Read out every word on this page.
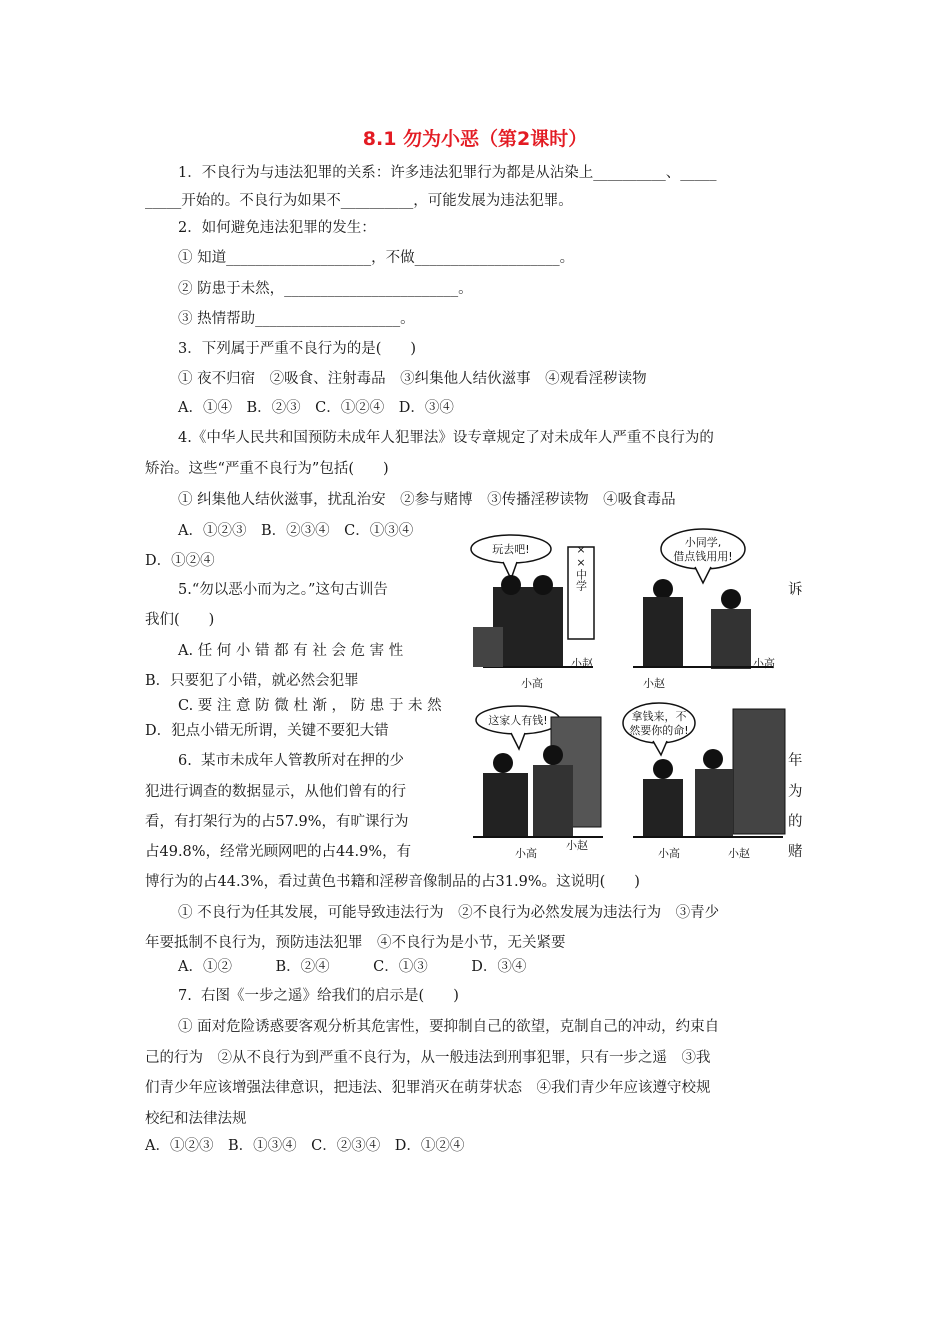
8.1 勿为小恶（第2课时）
1．不良行为与违法犯罪的关系：许多违法犯罪行为都是从沾染上__________、_____
_____开始的。不良行为如果不__________，可能发展为违法犯罪。
2．如何避免违法犯罪的发生：
① 知道____________________，不做____________________。
② 防患于未然，________________________。
③ 热情帮助____________________。
3．下列属于严重不良行为的是(　　)
① 夜不归宿　②吸食、注射毒品　③纠集他人结伙滋事　④观看淫秽读物
A．①④　B．②③　C．①②④　D．③④
4.《中华人民共和国预防未成年人犯罪法》设专章规定了对未成年人严重不良行为的
矫治。这些“严重不良行为”包括(　　)
① 纠集他人结伙滋事，扰乱治安　②参与赌博　③传播淫秽读物　④吸食毒品
A．①②③　B．②③④　C．①③④
D．①②④
5.“勿以恶小而为之。”这句古训告	诉
我们(　　)
A. 任 何 小 错 都 有 社 会 危 害 性
B．只要犯了小错，就必然会犯罪
C. 要 注 意 防 微 杜 渐 ， 防 患 于 未 然
D．犯点小错无所谓，关键不要犯大错
6.  某市未成年人管教所对在押的少	年
犯进行调查的数据显示，从他们曾有的行	为
看，有打架行为的占57.9%，有旷课行为	的
占49.8%，经常光顾网吧的占44.9%，有	赌
博行为的占44.3%，看过黄色书籍和淫秽音像制品的占31.9%。这说明(　　)
① 不良行为任其发展，可能导致违法行为　②不良行为必然发展为违法行为　③青少
年要抵制不良行为，预防违法犯罪　④不良行为是小节，无关紧要
A．①②　　　B．②④　　　C．①③　　　D．③④
7.  右图《一步之遥》给我们的启示是(　　)
① 面对危险诱惑要客观分析其危害性，要抑制自己的欲望，克制自己的冲动，约束自
己的行为　②从不良行为到严重不良行为，从一般违法到刑事犯罪，只有一步之遥　③我
们青少年应该增强法律意识，把违法、犯罪消灭在萌芽状态　④我们青少年应该遵守校规
校纪和法律法规
A．①②③　B．①③④　C．②③④　D．①②④
玩去吧!	××中学
小赵
小高
小同学,
借点钱用用!
小高
小赵
这家人有钱!
小赵
小高
拿钱来，不
然要你的命!
小高	小赵
